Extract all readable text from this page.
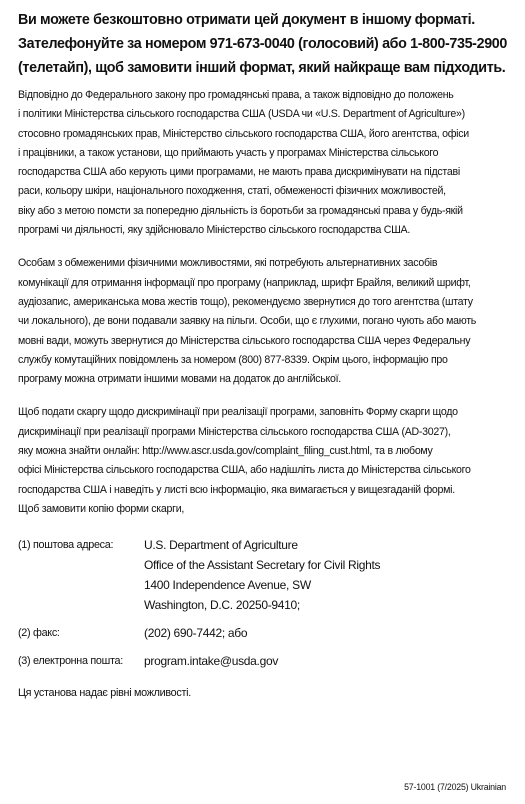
Ви можете безкоштовно отримати цей документ в іншому форматі.

Зателефонуйте за номером 971-673-0040 (голосовий) або 1-800-735-2900

(телетайп), щоб замовити інший формат, який найкраще вам підходить.

Відповідно до Федерального закону про громадянські права, а також відповідно до положень

і політики Міністерства сільського господарства США (USDA чи «U.S. Department of Agriculture»)

стосовно громадянських прав, Міністерство сільського господарства США, його агентства, офіси

і працівники, а також установи, що приймають участь у програмах Міністерства сільського

господарства США або керують цими програмами, не мають права дискримінувати на підставі

раси, кольору шкіри, національного походження, статі, обмеженості фізичних можливостей,

віку або з метою помсти за попередню діяльність із боротьби за громадянські права у будь-якій

програмі чи діяльності, яку здійснювало Міністерство сільського господарства США.

Особам з обмеженими фізичними можливостями, які потребують альтернативних засобів

комунікації для отримання інформації про програму (наприклад, шрифт Брайля, великий шрифт,

аудіозапис, американська мова жестів тощо), рекомендуємо звернутися до того агентства (штату

чи локального), де вони подавали заявку на пільги. Особи, що є глухими, погано чують або мають

мовні вади, можуть звернутися до Міністерства сільського господарства США через Федеральну

службу комутаційних повідомлень за номером (800) 877-8339. Окрім цього, інформацію про

програму можна отримати іншими мовами на додаток до англійської.

Щоб подати скаргу щодо дискримінації при реалізації програми, заповніть Форму скарги щодо

дискримінації при реалізації програми Міністерства сільського господарства США (AD-3027),

яку можна знайти онлайн: http://www.ascr.usda.gov/complaint_filing_cust.html, та в любому

офісі Міністерства сільського господарства США, або надішліть листа до Міністерства сільського

господарства США і наведіть у листі всю інформацію, яка вимагається у вищезгаданій формі.

Щоб замовити копію форми скарги,

(1) поштова адреса:	U.S. Department of Agriculture

Office of the Assistant Secretary for Civil Rights

1400 Independence Avenue, SW

Washington, D.C. 20250-9410;

(2) факс:	(202) 690-7442; або
(3) електронна пошта:	program.intake@usda.gov
Ця установа надає рівні можливості.
57-1001 (7/2025) Ukrainian
